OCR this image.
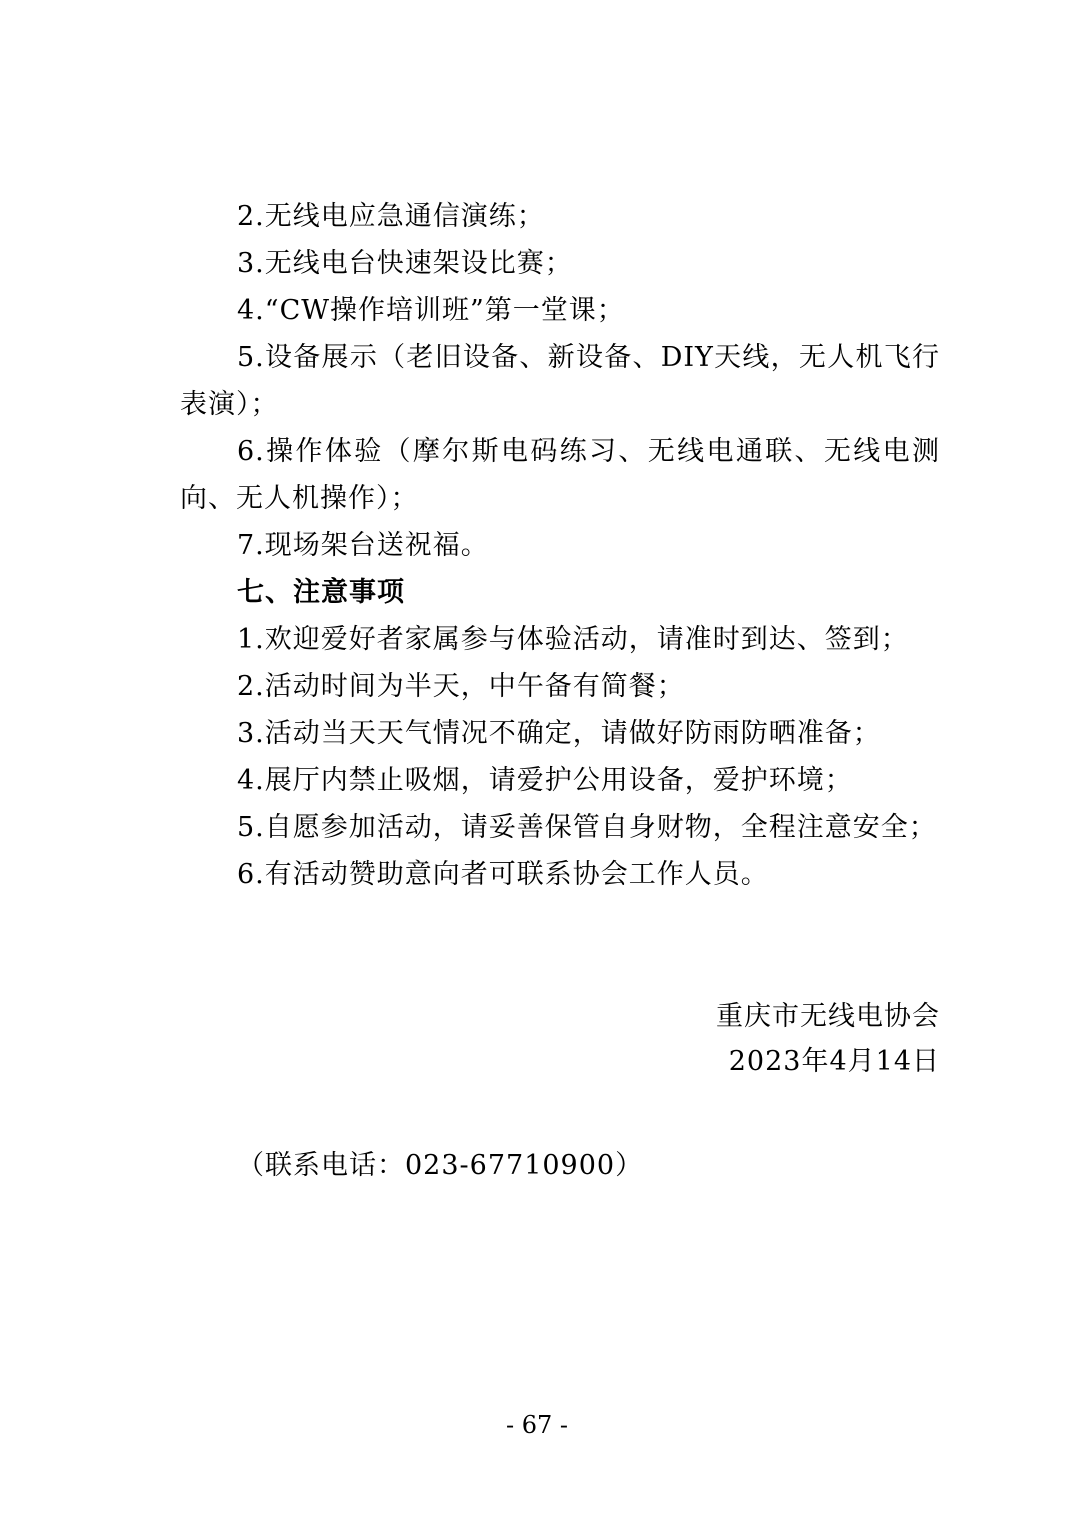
2.无线电应急通信演练；

3.无线电台快速架设比赛；

4.“CW操作培训班”第一堂课；

5.设备展示（老旧设备、新设备、DIY天线，无人机飞行表演）；

6.操作体验（摩尔斯电码练习、无线电通联、无线电测向、无人机操作）；

7.现场架台送祝福。

七、注意事项

1.欢迎爱好者家属参与体验活动，请准时到达、签到；

2.活动时间为半天，中午备有简餐；

3.活动当天天气情况不确定，请做好防雨防晒准备；

4.展厅内禁止吸烟，请爱护公用设备，爱护环境；

5.自愿参加活动，请妥善保管自身财物，全程注意安全；

6.有活动赞助意向者可联系协会工作人员。

重庆市无线电协会

2023年4月14日

（联系电话：023-67710900）

- 67 -
